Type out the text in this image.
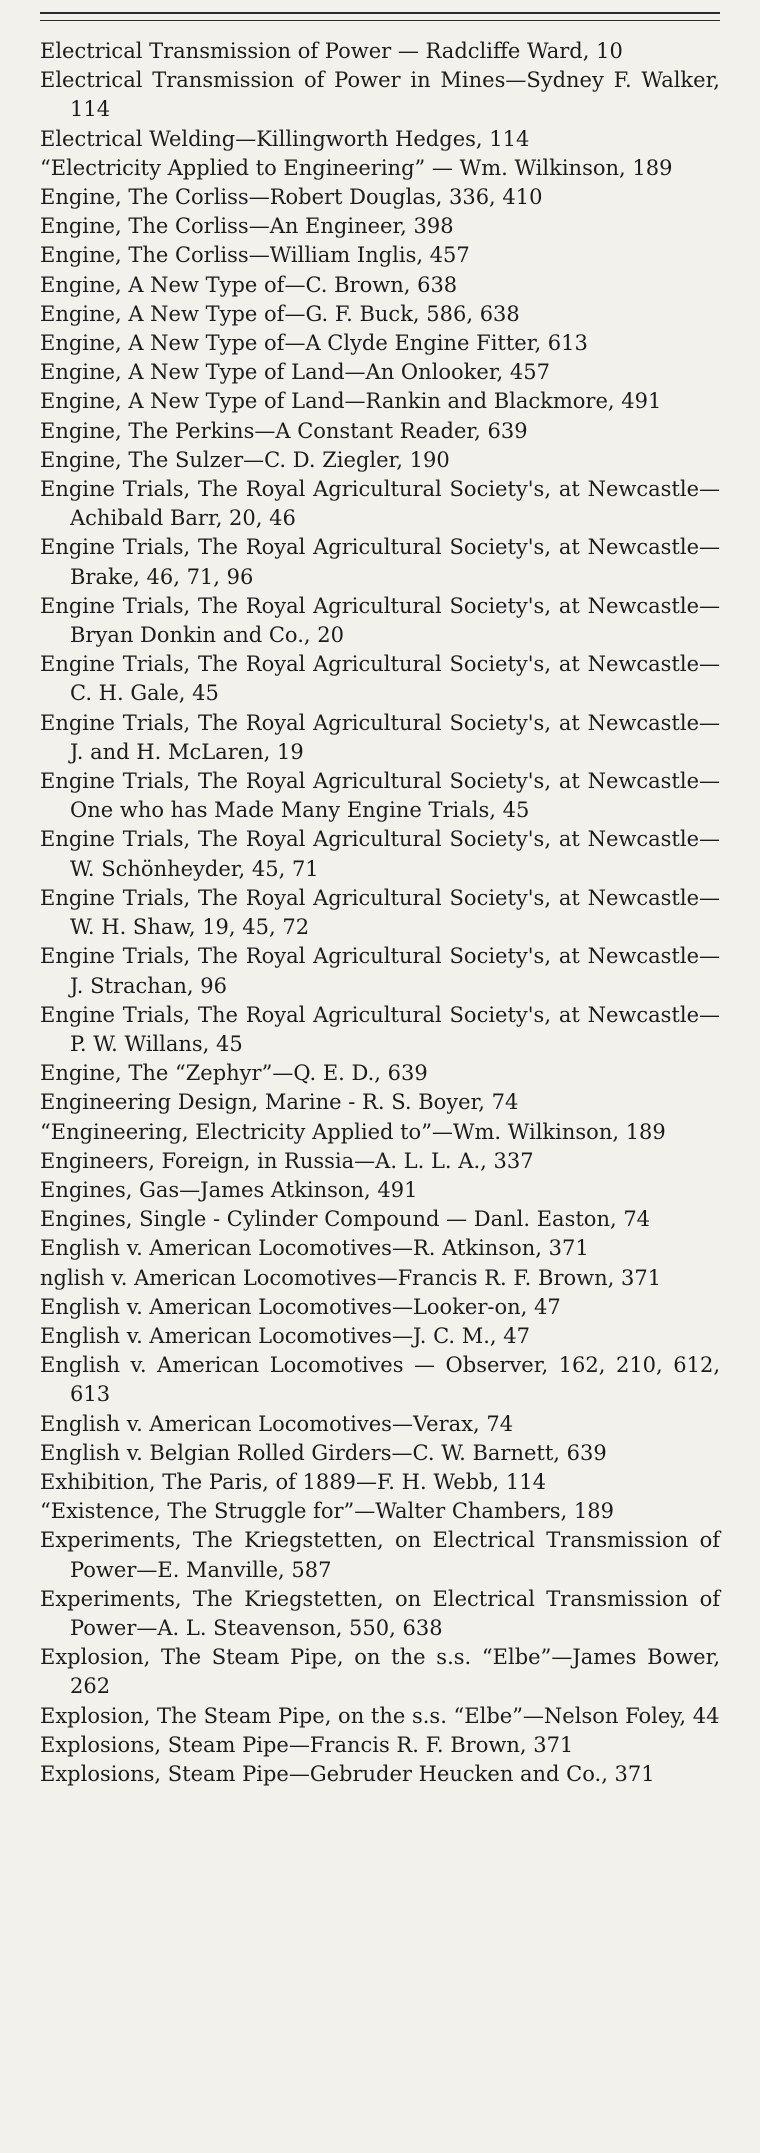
Electrical Transmission of Power — Radcliffe Ward, 10
Electrical Transmission of Power in Mines—Sydney F. Walker, 114
Electrical Welding—Killingworth Hedges, 114
“Electricity Applied to Engineering” — Wm. Wilkinson, 189
Engine, The Corliss—Robert Douglas, 336, 410
Engine, The Corliss—An Engineer, 398
Engine, The Corliss—William Inglis, 457
Engine, A New Type of—C. Brown, 638
Engine, A New Type of—G. F. Buck, 586, 638
Engine, A New Type of—A Clyde Engine Fitter, 613
Engine, A New Type of Land—An Onlooker, 457
Engine, A New Type of Land—Rankin and Blackmore, 491
Engine, The Perkins—A Constant Reader, 639
Engine, The Sulzer—C. D. Ziegler, 190
Engine Trials, The Royal Agricultural Society's, at Newcastle—Achibald Barr, 20, 46
Engine Trials, The Royal Agricultural Society's, at Newcastle—Brake, 46, 71, 96
Engine Trials, The Royal Agricultural Society's, at Newcastle—Bryan Donkin and Co., 20
Engine Trials, The Royal Agricultural Society's, at Newcastle—C. H. Gale, 45
Engine Trials, The Royal Agricultural Society's, at Newcastle—J. and H. McLaren, 19
Engine Trials, The Royal Agricultural Society's, at Newcastle—One who has Made Many Engine Trials, 45
Engine Trials, The Royal Agricultural Society's, at Newcastle—W. Schönheyder, 45, 71
Engine Trials, The Royal Agricultural Society's, at Newcastle—W. H. Shaw, 19, 45, 72
Engine Trials, The Royal Agricultural Society's, at Newcastle—J. Strachan, 96
Engine Trials, The Royal Agricultural Society's, at Newcastle—P. W. Willans, 45
Engine, The “Zephyr”—Q. E. D., 639
Engineering Design, Marine - R. S. Boyer, 74
“Engineering, Electricity Applied to”—Wm. Wilkinson, 189
Engineers, Foreign, in Russia—A. L. L. A., 337
Engines, Gas—James Atkinson, 491
Engines, Single - Cylinder Compound — Danl. Easton, 74
English v. American Locomotives—R. Atkinson, 371
nglish v. American Locomotives—Francis R. F. Brown, 371
English v. American Locomotives—Looker-on, 47
English v. American Locomotives—J. C. M., 47
English v. American Locomotives — Observer, 162, 210, 612, 613
English v. American Locomotives—Verax, 74
English v. Belgian Rolled Girders—C. W. Barnett, 639
Exhibition, The Paris, of 1889—F. H. Webb, 114
“Existence, The Struggle for”—Walter Chambers, 189
Experiments, The Kriegstetten, on Electrical Transmission of Power—E. Manville, 587
Experiments, The Kriegstetten, on Electrical Transmission of Power—A. L. Steavenson, 550, 638
Explosion, The Steam Pipe, on the s.s. “Elbe”—James Bower, 262
Explosion, The Steam Pipe, on the s.s. “Elbe”—Nelson Foley, 44
Explosions, Steam Pipe—Francis R. F. Brown, 371
Explosions, Steam Pipe—Gebruder Heucken and Co., 371
